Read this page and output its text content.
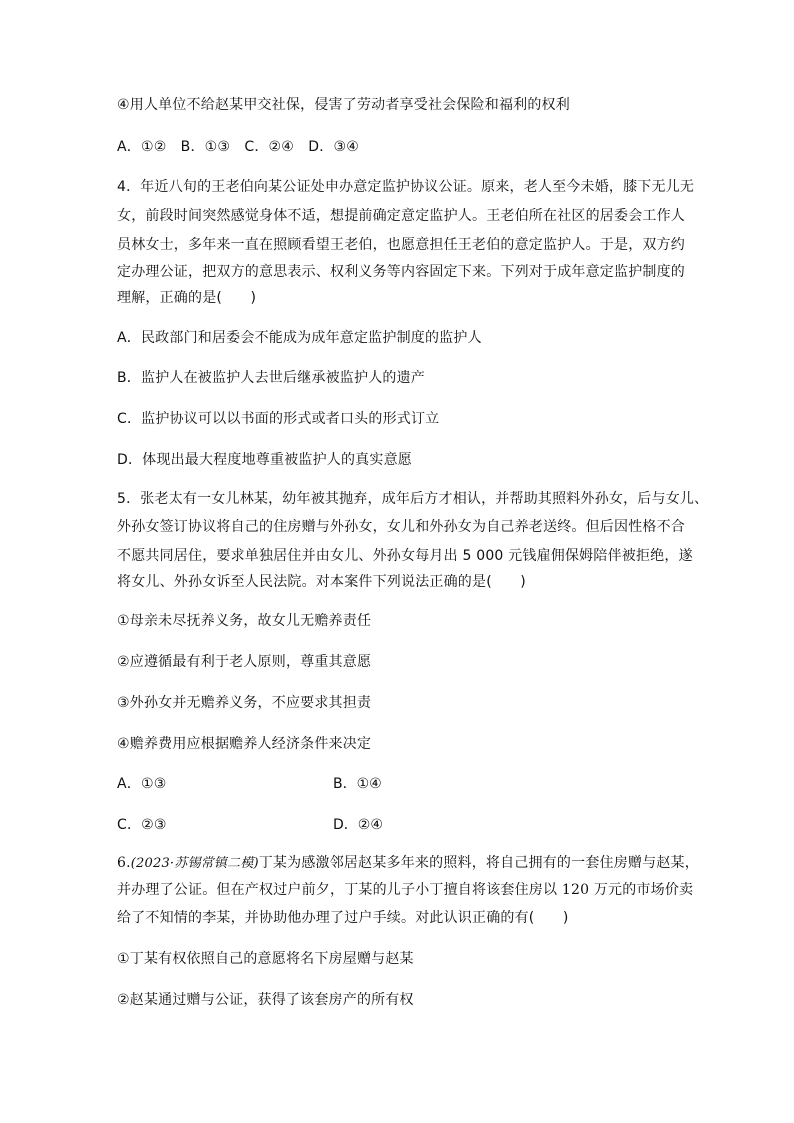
④用人单位不给赵某甲交社保，侵害了劳动者享受社会保险和福利的权利
A．①②　B．①③　C．②④　D．③④
4．年近八旬的王老伯向某公证处申办意定监护协议公证。原来，老人至今未婚，膝下无儿无
女，前段时间突然感觉身体不适，想提前确定意定监护人。王老伯所在社区的居委会工作人
员林女士，多年来一直在照顾看望王老伯，也愿意担任王老伯的意定监护人。于是，双方约
定办理公证，把双方的意思表示、权利义务等内容固定下来。下列对于成年意定监护制度的
理解，正确的是(　　)
A．民政部门和居委会不能成为成年意定监护制度的监护人
B．监护人在被监护人去世后继承被监护人的遗产
C．监护协议可以以书面的形式或者口头的形式订立
D．体现出最大程度地尊重被监护人的真实意愿
5．张老太有一女儿林某，幼年被其抛弃，成年后方才相认，并帮助其照料外孙女，后与女儿、
外孙女签订协议将自己的住房赠与外孙女，女儿和外孙女为自己养老送终。但后因性格不合
不愿共同居住，要求单独居住并由女儿、外孙女每月出 5 000 元钱雇佣保姆陪伴被拒绝，遂
将女儿、外孙女诉至人民法院。对本案件下列说法正确的是(　　)
①母亲未尽抚养义务，故女儿无赡养责任
②应遵循最有利于老人原则，尊重其意愿
③外孙女并无赡养义务，不应要求其担责
④赡养费用应根据赡养人经济条件来决定
A．①③	B．①④
C．②③	D．②④
6.(2023·苏锡常镇二模)丁某为感激邻居赵某多年来的照料，将自己拥有的一套住房赠与赵某，
并办理了公证。但在产权过户前夕，丁某的儿子小丁擅自将该套住房以 120 万元的市场价卖
给了不知情的李某，并协助他办理了过户手续。对此认识正确的有(　　)
①丁某有权依照自己的意愿将名下房屋赠与赵某
②赵某通过赠与公证，获得了该套房产的所有权
